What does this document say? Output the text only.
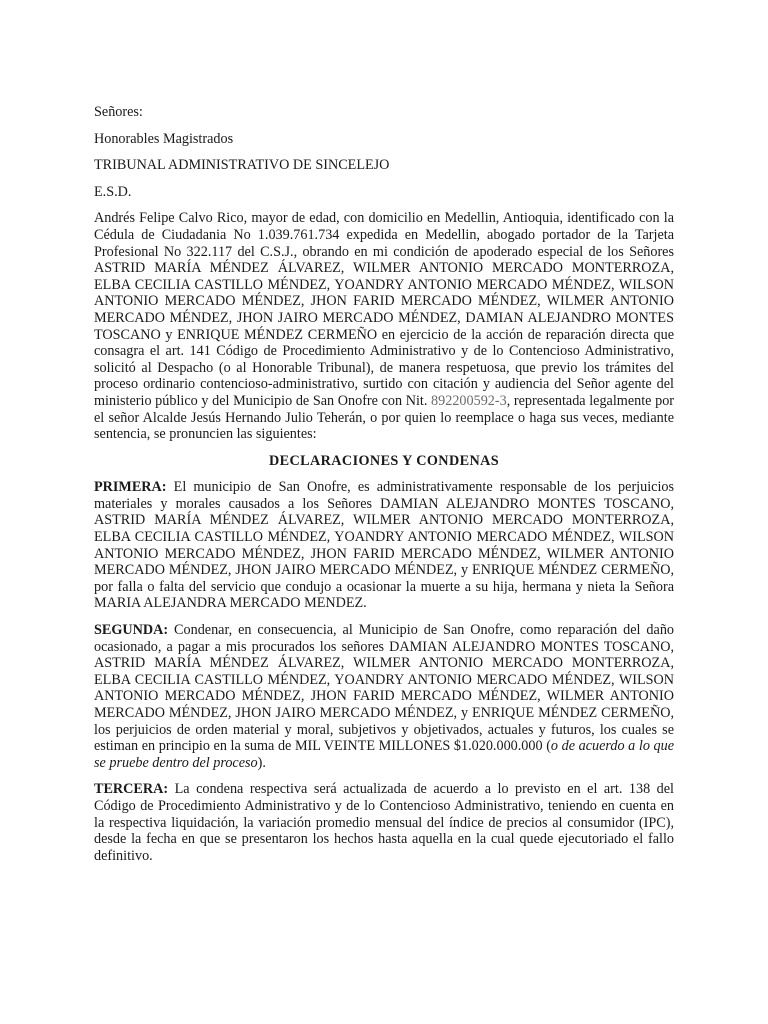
Señores:

Honorables Magistrados

TRIBUNAL ADMINISTRATIVO DE SINCELEJO

E.S.D.

Andrés Felipe Calvo Rico, mayor de edad, con domicilio en Medellin, Antioquia, identificado con la Cédula de Ciudadania No 1.039.761.734 expedida en Medellin, abogado portador de la Tarjeta Profesional No 322.117 del C.S.J., obrando en mi condición de apoderado especial de los Señores ASTRID MARÍA MÉNDEZ ÁLVAREZ, WILMER ANTONIO MERCADO MONTERROZA, ELBA CECILIA CASTILLO MÉNDEZ, YOANDRY ANTONIO MERCADO MÉNDEZ, WILSON ANTONIO MERCADO MÉNDEZ, JHON FARID MERCADO MÉNDEZ, WILMER ANTONIO MERCADO MÉNDEZ, JHON JAIRO MERCADO MÉNDEZ, DAMIAN ALEJANDRO MONTES TOSCANO y ENRIQUE MÉNDEZ CERMEÑO en ejercicio de la acción de reparación directa que consagra el art. 141 Código de Procedimiento Administrativo y de lo Contencioso Administrativo, solicitó al Despacho (o al Honorable Tribunal), de manera respetuosa, que previo los trámites del proceso ordinario contencioso-administrativo, surtido con citación y audiencia del Señor agente del ministerio público y del Municipio de San Onofre con Nit. 892200592-3, representada legalmente por el señor Alcalde Jesús Hernando Julio Teherán, o por quien lo reemplace o haga sus veces, mediante sentencia, se pronuncien las siguientes:

DECLARACIONES Y CONDENAS

PRIMERA: El municipio de San Onofre, es administrativamente responsable de los perjuicios materiales y morales causados a los Señores DAMIAN ALEJANDRO MONTES TOSCANO, ASTRID MARÍA MÉNDEZ ÁLVAREZ, WILMER ANTONIO MERCADO MONTERROZA, ELBA CECILIA CASTILLO MÉNDEZ, YOANDRY ANTONIO MERCADO MÉNDEZ, WILSON ANTONIO MERCADO MÉNDEZ, JHON FARID MERCADO MÉNDEZ, WILMER ANTONIO MERCADO MÉNDEZ, JHON JAIRO MERCADO MÉNDEZ, y ENRIQUE MÉNDEZ CERMEÑO, por falla o falta del servicio que condujo a ocasionar la muerte a su hija, hermana y nieta la Señora MARIA ALEJANDRA MERCADO MENDEZ.

SEGUNDA: Condenar, en consecuencia, al Municipio de San Onofre, como reparación del daño ocasionado, a pagar a mis procurados los señores DAMIAN ALEJANDRO MONTES TOSCANO, ASTRID MARÍA MÉNDEZ ÁLVAREZ, WILMER ANTONIO MERCADO MONTERROZA, ELBA CECILIA CASTILLO MÉNDEZ, YOANDRY ANTONIO MERCADO MÉNDEZ, WILSON ANTONIO MERCADO MÉNDEZ, JHON FARID MERCADO MÉNDEZ, WILMER ANTONIO MERCADO MÉNDEZ, JHON JAIRO MERCADO MÉNDEZ, y ENRIQUE MÉNDEZ CERMEÑO, los perjuicios de orden material y moral, subjetivos y objetivados, actuales y futuros, los cuales se estiman en principio en la suma de MIL VEINTE MILLONES $1.020.000.000 (o de acuerdo a lo que se pruebe dentro del proceso).

TERCERA: La condena respectiva será actualizada de acuerdo a lo previsto en el art. 138 del Código de Procedimiento Administrativo y de lo Contencioso Administrativo, teniendo en cuenta en la respectiva liquidación, la variación promedio mensual del índice de precios al consumidor (IPC), desde la fecha en que se presentaron los hechos hasta aquella en la cual quede ejecutoriado el fallo definitivo.
